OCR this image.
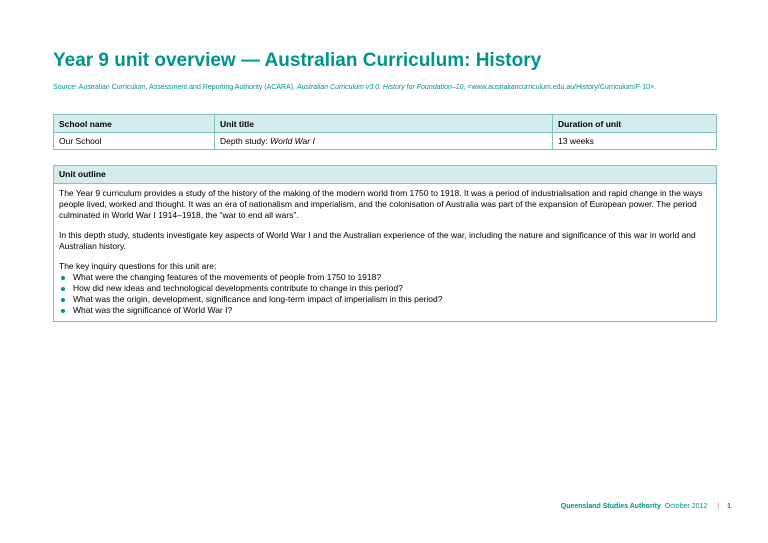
Year 9 unit overview — Australian Curriculum: History
Source: Australian Curriculum, Assessment and Reporting Authority (ACARA), Australian Curriculum v3.0: History for Foundation–10, <www.australiancurriculum.edu.au/History/Curriculum/F-10>.
School name	Unit title	Duration of unit
Our School	Depth study: World War I	13 weeks
Unit outline

The Year 9 curriculum provides a study of the history of the making of the modern world from 1750 to 1918. It was a period of industrialisation and rapid change in the ways people lived, worked and thought. It was an era of nationalism and imperialism, and the colonisation of Australia was part of the expansion of European power. The period culminated in World War I 1914–1918, the “war to end all wars”.

In this depth study, students investigate key aspects of World War I and the Australian experience of the war, including the nature and significance of this war in world and Australian history.

The key inquiry questions for this unit are:

What were the changing features of the movements of people from 1750 to 1918?
How did new ideas and technological developments contribute to change in this period?
What was the origin, development, significance and long-term impact of imperialism in this period?
What was the significance of World War I?
Queensland Studies Authority October 2012 | 1
